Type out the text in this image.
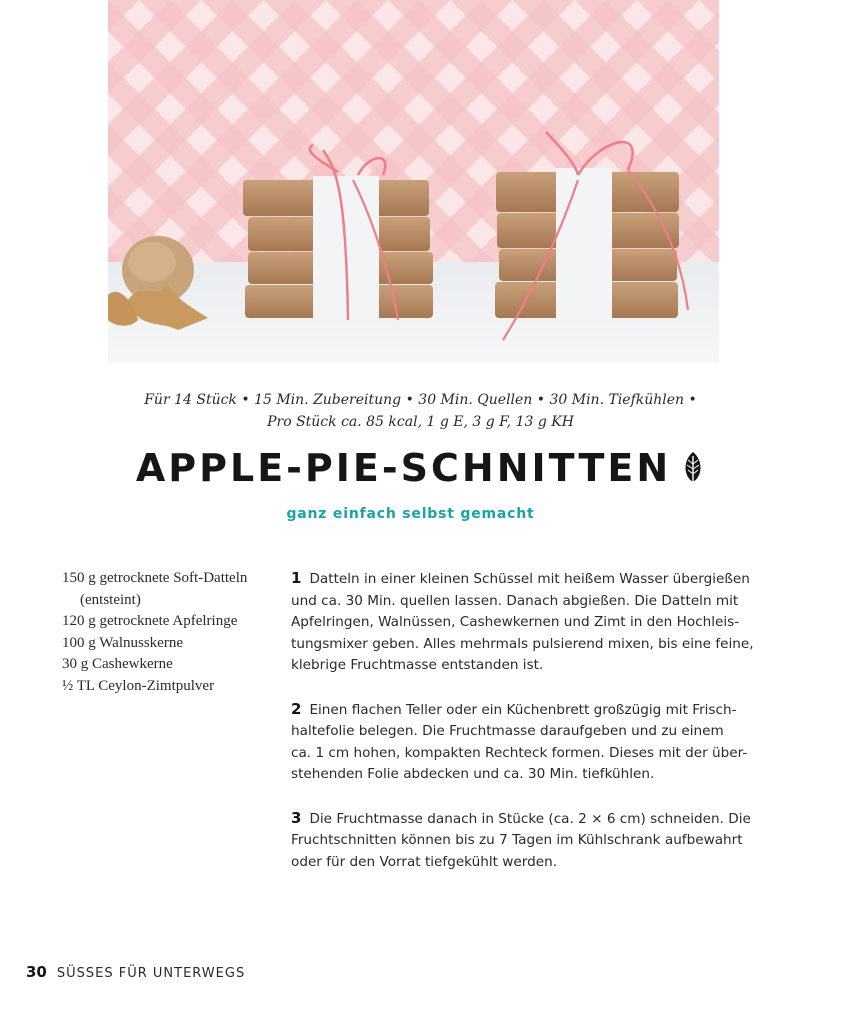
Für 14 Stück • 15 Min. Zubereitung • 30 Min. Quellen • 30 Min. Tiefkühlen •
Pro Stück ca. 85 kcal, 1 g E, 3 g F, 13 g KH
APPLE-PIE-SCHNITTEN
ganz einfach selbst gemacht
150 g getrocknete Soft-Datteln
(entsteint)
120 g getrocknete Apfelringe
100 g Walnusskerne
30 g Cashewkerne
½ TL Ceylon-Zimtpulver
1 Datteln in einer kleinen Schüssel mit heißem Wasser übergießen
und ca. 30 Min. quellen lassen. Danach abgießen. Die Datteln mit
Apfelringen, Walnüssen, Cashewkernen und Zimt in den Hochleis-
tungsmixer geben. Alles mehrmals pulsierend mixen, bis eine feine,
klebrige Fruchtmasse entstanden ist.
2 Einen flachen Teller oder ein Küchenbrett großzügig mit Frisch-
haltefolie belegen. Die Fruchtmasse daraufgeben und zu einem
ca. 1 cm hohen, kompakten Rechteck formen. Dieses mit der über-
stehenden Folie abdecken und ca. 30 Min. tiefkühlen.
3 Die Fruchtmasse danach in Stücke (ca. 2 × 6 cm) schneiden. Die
Fruchtschnitten können bis zu 7 Tagen im Kühlschrank aufbewahrt
oder für den Vorrat tiefgekühlt werden.
30 SÜSSES FÜR UNTERWEGS
